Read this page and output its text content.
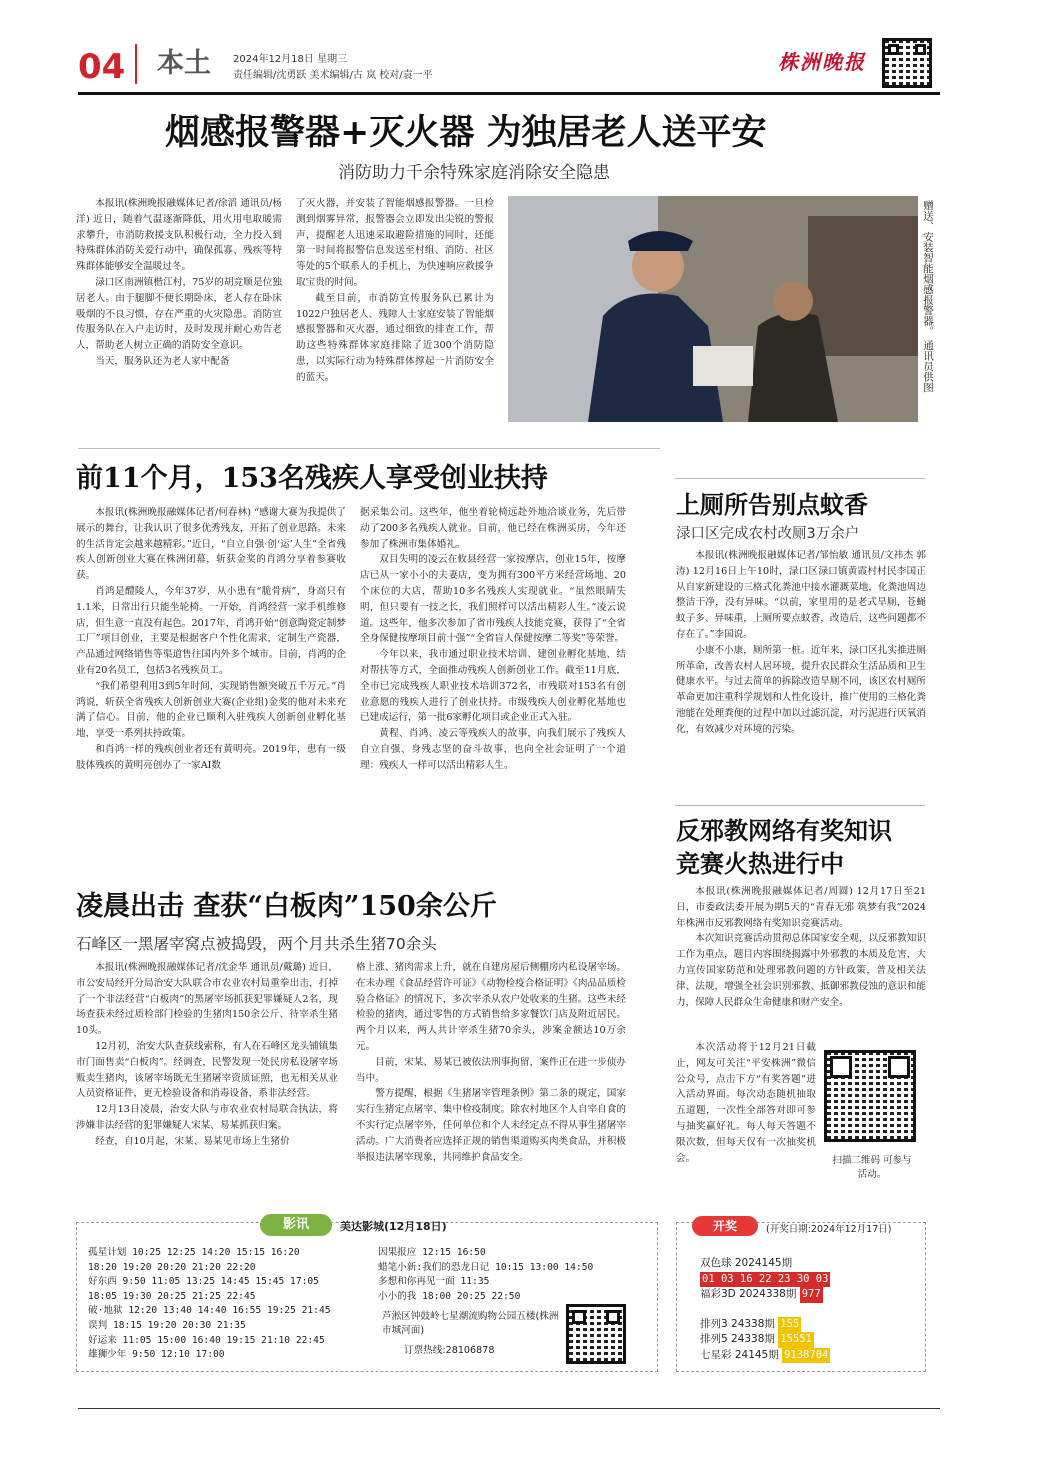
04 本土 2024年12月18日 星期三
责任编辑/沈勇跃 美术编辑/古 岚 校对/袁一平
株洲晚报
烟感报警器+灭火器 为独居老人送平安
消防助力千余特殊家庭消除安全隐患

本报讯(株洲晚报融媒体记者/徐滔 通讯员/杨洋) 近日，随着气温逐渐降低，用火用电取暖需求攀升，市消防救援支队积极行动，全力投入到特殊群体消防关爱行动中，确保孤寡、残疾等特殊群体能够安全温暖过冬。

渌口区南洲镇楷江村，75岁的胡竞顺是位独居老人。由于腿脚不便长期卧床，老人存在卧床吸烟的不良习惯，存在严重的火灾隐患。消防宣传服务队在入户走访时，及时发现并耐心劝告老人，帮助老人树立正确的消防安全意识。

当天，服务队还为老人家中配备

了灭火器，并安装了智能烟感报警器。一旦检测到烟雾异常，报警器会立即发出尖锐的警报声，提醒老人迅速采取避险措施的同时，还能第一时间将报警信息发送至村组、消防、社区等处的5个联系人的手机上，为快速响应救援争取宝贵的时间。

截至目前，市消防宣传服务队已累计为1022户独居老人、残障人士家庭安装了智能烟感报警器和灭火器，通过细致的排查工作，帮助这些特殊群体家庭排除了近300个消防隐患，以实际行动为特殊群体撑起一片消防安全的蓝天。	赠送、安装智能烟感报警器。 通讯员供图
前11个月，153名残疾人享受创业扶持

本报讯(株洲晚报融媒体记者/何春林) “感谢大赛为我提供了展示的舞台，让我认识了很多优秀残友，开拓了创业思路。未来的生活肯定会越来越精彩。”近日，“自立自强·创‘运’人生”全省残疾人创新创业大赛在株洲闭幕，斩获金奖的肖鸿分享着参赛收获。

肖鸿是醴陵人，今年37岁，从小患有“脆骨病”，身高只有1.1米，日常出行只能坐轮椅。一开始，肖鸿经营一家手机维修店，但生意一直没有起色。2017年，肖鸿开始“创意陶瓷定制梦工厂”项目创业，主要是根据客户个性化需求，定制生产瓷器，产品通过网络销售等渠道售往国内外多个城市。目前，肖鸿的企业有20名员工，包括3名残疾员工。

“我们希望利用3到5年时间，实现销售额突破五千万元。”肖鸿说，斩获全省残疾人创新创业大赛(企业组)金奖的他对未来充满了信心。目前，他的企业已顺利入驻残疾人创新创业孵化基地，享受一系列扶持政策。

和肖鸿一样的残疾创业者还有黄明亮。2019年，患有一级肢体残疾的黄明亮创办了一家AI数

据采集公司。这些年，他坐着轮椅远赴外地洽谈业务，先后带动了200多名残疾人就业。目前，他已经在株洲买房，今年还参加了株洲市集体婚礼。

双目失明的凌云在攸县经营一家按摩店，创业15年，按摩店已从一家小小的夫妻店，变为拥有300平方米经营场地、20个床位的大店，帮助10多名残疾人实现就业。“虽然眼睛失明，但只要有一技之长，我们照样可以活出精彩人生。”凌云说道。这些年，他多次参加了省市残疾人技能竞赛，获得了“全省全身保健按摩项目前十强”“全省盲人保健按摩二等奖”等荣誉。

今年以来，我市通过职业技术培训、建创业孵化基地、结对帮扶等方式，全面推动残疾人创新创业工作。截至11月底，全市已完成残疾人职业技术培训372名，市残联对153名有创业意愿的残疾人进行了创业扶持。市级残疾人创业孵化基地也已建成运行，第一批6家孵化项目或企业正式入驻。

黄程、肖鸿、凌云等残疾人的故事，向我们展示了残疾人自立自强、身残志坚的奋斗故事，也向全社会证明了一个道理：残疾人一样可以活出精彩人生。

上厕所告别点蚊香
渌口区完成农村改厕3万余户

本报讯(株洲晚报融媒体记者/邹怡敏 通讯员/文祎杰 郭涛) 12月16日上午10时，渌口区渌口镇黄霞村村民李国正从自家新建设的三格式化粪池中接水灌溉菜地，化粪池周边整洁干净，没有异味。“以前，家里用的是老式旱厕，苍蝇蚊子多、异味重，上厕所要点蚊香，改造后，这些问题都不存在了。”李国说。

小康不小康，厕所第一桩。近年来，渌口区扎实推进厕所革命，改善农村人居环境，提升农民群众生活品质和卫生健康水平。与过去简单的拆除改造旱厕不同，该区农村厕所革命更加注重科学规划和人性化设计，推广使用的三格化粪池能在处理粪便的过程中加以过滤沉淀，对污泥进行厌氧消化，有效减少对环境的污染。

反邪教网络有奖知识
竞赛火热进行中

本报讯(株洲晚报融媒体记者/周圆) 12月17日至21日，市委政法委开展为期5天的“青春无邪 筑梦有我”2024年株洲市反邪教网络有奖知识竞赛活动。

本次知识竞赛活动贯彻总体国家安全观，以反邪教知识工作为重点，题目内容围绕揭露中外邪教的本质及危害，大力宣传国家防范和处理邪教问题的方针政策，普及相关法律、法规，增强全社会识别邪教、抵御邪教侵蚀的意识和能力，保障人民群众生命健康和财产安全。

本次活动将于12月21日截止，网友可关注“平安株洲”微信公众号，点击下方“有奖答题”进入活动界面。每次动态随机抽取五道题，一次性全部答对即可参与抽奖赢好礼。每人每天答题不限次数，但每天仅有一次抽奖机会。	扫描二维码 可参与活动。
凌晨出击 查获“白板肉”150余公斤
石峰区一黑屠宰窝点被捣毁，两个月共杀生猪70余头

本报讯(株洲晚报融媒体记者/沈金华 通讯员/戴璐) 近日，市公安局经开分局治安大队联合市农业农村局重拳出击，打掉了一个非法经营“白板肉”的黑屠宰场抓获犯罪嫌疑人2名，现场查获未经过质检部门检验的生猪肉150余公斤、待宰杀生猪10头。

12月初，治安大队查获线索称，有人在石峰区龙头铺镇集市门面售卖“白板肉”。经调查，民警发现一处民房私设屠宰场贩卖生猪肉，该屠宰场既无生猪屠宰资质证照，也无相关从业人员资格证件，更无检验设备和消毒设备，系非法经营。

12月13日凌晨，治安大队与市农业农村局联合执法，将涉嫌非法经营的犯罪嫌疑人宋某、易某抓获归案。

经查，自10月起，宋某、易某见市场上生猪价

格上涨、猪肉需求上升，就在自建房屋后侧棚房内私设屠宰场。在未办理《食品经营许可证》《动物检疫合格证明》《肉品品质检验合格证》的情况下，多次宰杀从农户处收来的生猪。这些未经检验的猪肉，通过零售的方式销售给多家餐饮门店及附近居民。两个月以来，两人共计宰杀生猪70余头，涉案金额达10万余元。

目前，宋某、易某已被依法刑事拘留，案件正在进一步侦办当中。

警方提醒，根据《生猪屠宰管理条例》第二条的规定，国家实行生猪定点屠宰、集中检疫制度。除农村地区个人自宰自食的不实行定点屠宰外，任何单位和个人未经定点不得从事生猪屠宰活动。广大消费者应选择正规的销售渠道购买肉类食品，并积极举报违法屠宰现象，共同维护食品安全。

影讯	美达影城(12月18日)
孤星计划 10:25 12:25 14:20 15:15 16:20
18:20 19:20 20:20 21:20 22:20
好东西 9:50 11:05 13:25 14:45 15:45 17:05
18:05 19:30 20:25 21:25 22:45
破·地狱 12:20 13:40 14:40 16:55 19:25 21:45
误判 18:15 19:20 20:30 21:35
好运来 11:05 15:00 16:40 19:15 21:10 22:45
雄狮少年 9:50 12:10 17:00
因果报应 12:15 16:50
蜡笔小新:我们的恐龙日记 10:15 13:00 14:50
多想和你再见一面 11:35
小小的我 18:00 20:25 22:50
芦淞区钟鼓岭七星潮流购物公园五楼(株洲市城河面)
订票热线:28106878
开奖	(开奖日期:2024年12月17日)
双色球 2024145期
01 03 16 22 23 30 03
福彩3D 2024338期 977
排列3 24338期 155
排列5 24338期 15551
七星彩 24145期 9138704
